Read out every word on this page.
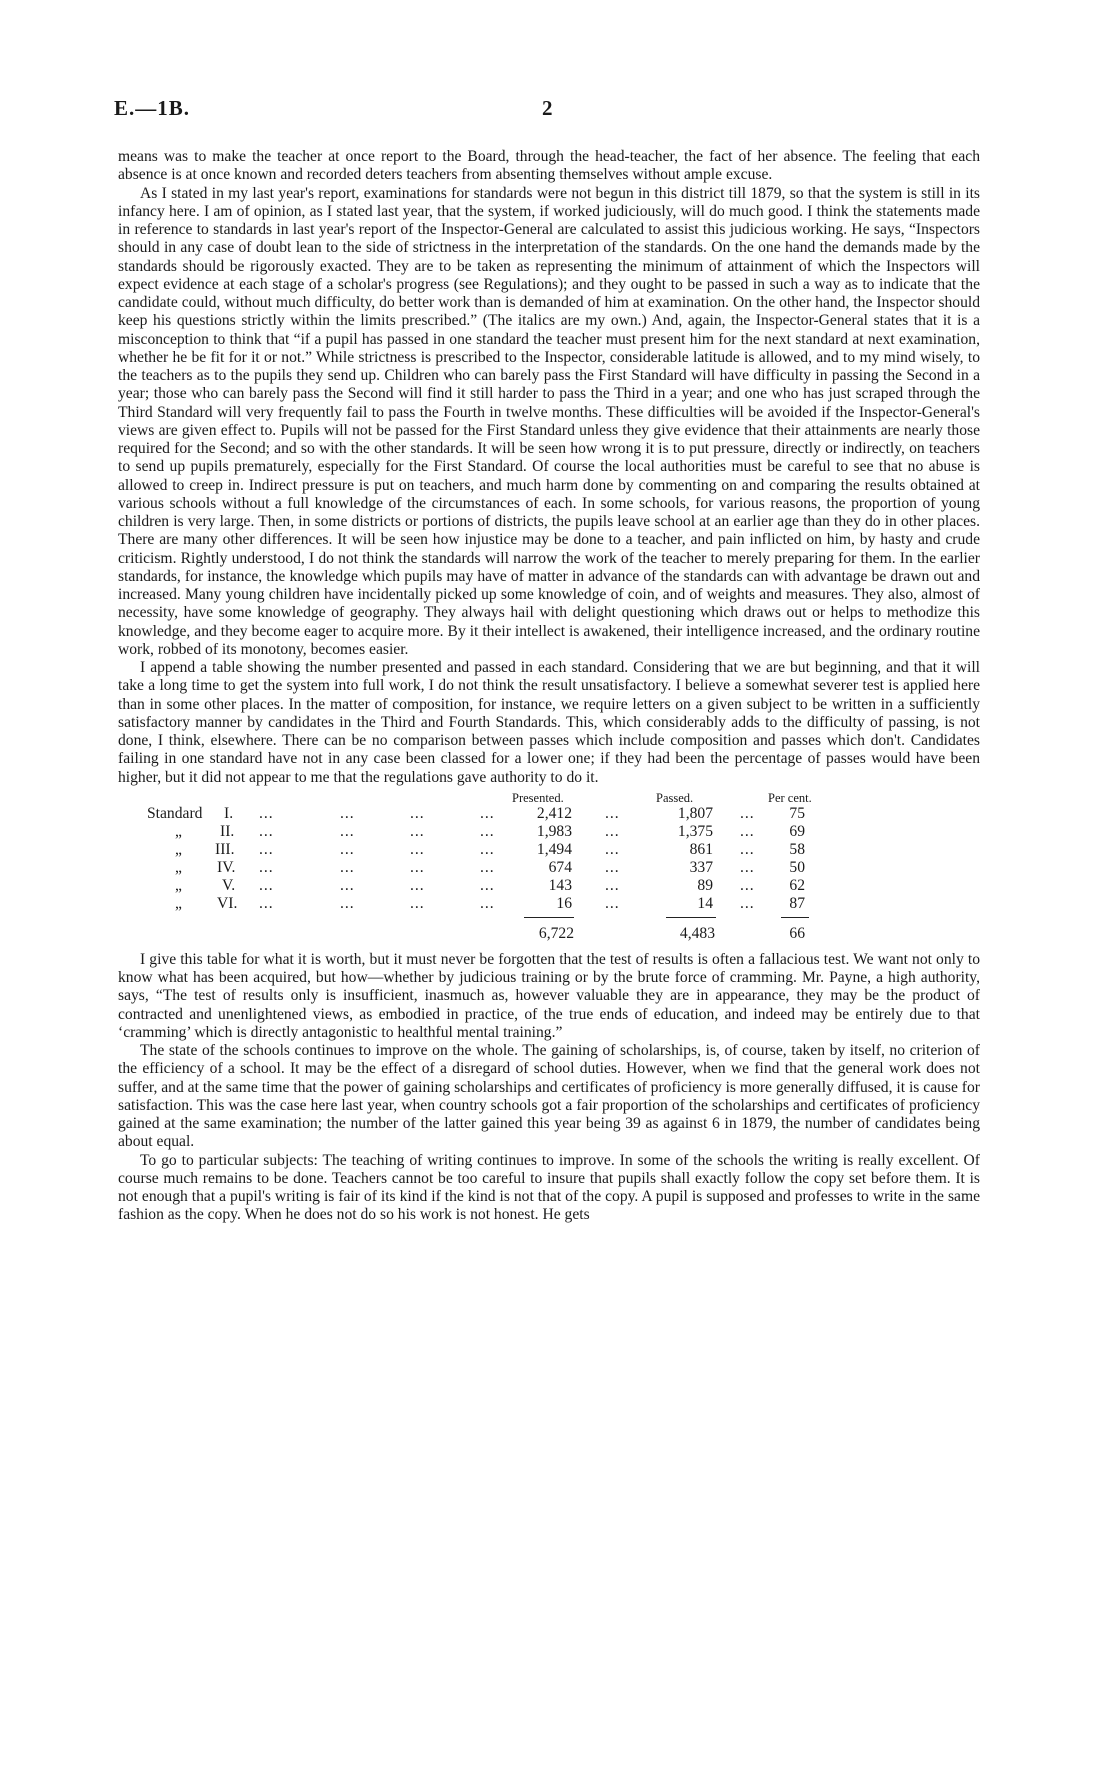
E.—1B.	2

means was to make the teacher at once report to the Board, through the head-teacher, the fact of her absence. The feeling that each absence is at once known and recorded deters teachers from absenting themselves without ample excuse.

As I stated in my last year's report, examinations for standards were not begun in this district till 1879, so that the system is still in its infancy here. I am of opinion, as I stated last year, that the system, if worked judiciously, will do much good. I think the statements made in reference to standards in last year's report of the Inspector-General are calculated to assist this judicious working. He says, “Inspectors should in any case of doubt lean to the side of strictness in the interpretation of the standards. On the one hand the demands made by the standards should be rigorously exacted. They are to be taken as representing the minimum of attainment of which the Inspectors will expect evidence at each stage of a scholar's progress (see Regulations); and they ought to be passed in such a way as to indicate that the candidate could, without much difficulty, do better work than is demanded of him at examination. On the other hand, the Inspector should keep his questions strictly within the limits prescribed.” (The italics are my own.) And, again, the Inspector-General states that it is a misconception to think that “if a pupil has passed in one standard the teacher must present him for the next standard at next examination, whether he be fit for it or not.” While strictness is prescribed to the Inspector, considerable latitude is allowed, and to my mind wisely, to the teachers as to the pupils they send up. Children who can barely pass the First Standard will have difficulty in passing the Second in a year; those who can barely pass the Second will find it still harder to pass the Third in a year; and one who has just scraped through the Third Standard will very frequently fail to pass the Fourth in twelve months. These difficulties will be avoided if the Inspector-General's views are given effect to. Pupils will not be passed for the First Standard unless they give evidence that their attainments are nearly those required for the Second; and so with the other standards. It will be seen how wrong it is to put pressure, directly or indirectly, on teachers to send up pupils prematurely, especially for the First Standard. Of course the local authorities must be careful to see that no abuse is allowed to creep in. Indirect pressure is put on teachers, and much harm done by commenting on and comparing the results obtained at various schools without a full knowledge of the circumstances of each. In some schools, for various reasons, the proportion of young children is very large. Then, in some districts or portions of districts, the pupils leave school at an earlier age than they do in other places. There are many other differences. It will be seen how injustice may be done to a teacher, and pain inflicted on him, by hasty and crude criticism. Rightly understood, I do not think the standards will narrow the work of the teacher to merely preparing for them. In the earlier standards, for instance, the knowledge which pupils may have of matter in advance of the standards can with advantage be drawn out and increased. Many young children have incidentally picked up some knowledge of coin, and of weights and measures. They also, almost of necessity, have some knowledge of geography. They always hail with delight questioning which draws out or helps to methodize this knowledge, and they become eager to acquire more. By it their intellect is awakened, their intelligence increased, and the ordinary routine work, robbed of its monotony, becomes easier.

I append a table showing the number presented and passed in each standard. Considering that we are but beginning, and that it will take a long time to get the system into full work, I do not think the result unsatisfactory. I believe a somewhat severer test is applied here than in some other places. In the matter of composition, for instance, we require letters on a given subject to be written in a sufficiently satisfactory manner by candidates in the Third and Fourth Standards. This, which considerably adds to the difficulty of passing, is not done, I think, elsewhere. There can be no comparison between passes which include composition and passes which don't. Candidates failing in one standard have not in any case been classed for a lower one; if they had been the percentage of passes would have been higher, but it did not appear to me that the regulations gave authority to do it.

Presented.	Passed.	Per cent.
Standard I. ...	...	...	...	2,412 ...	1,807 ...	75
„ II. ...	...	...	...	1,983 ...	1,375 ...	69
„ III. ...	...	...	...	1,494 ...	861 ...	58
„ IV. ...	...	...	...	674 ...	337 ...	50
„	V. ...	...	...	...	143 ...	89 ...	62
„ VI. ...	...	...	...	16 ...	14 ...	87
6,722	4,483	66

I give this table for what it is worth, but it must never be forgotten that the test of results is often a fallacious test. We want not only to know what has been acquired, but how—whether by judicious training or by the brute force of cramming. Mr. Payne, a high authority, says, “The test of results only is insufficient, inasmuch as, however valuable they are in appearance, they may be the product of contracted and unenlightened views, as embodied in practice, of the true ends of education, and indeed may be entirely due to that ‘cramming’ which is directly antagonistic to healthful mental training.”

The state of the schools continues to improve on the whole. The gaining of scholarships, is, of course, taken by itself, no criterion of the efficiency of a school. It may be the effect of a disregard of school duties. However, when we find that the general work does not suffer, and at the same time that the power of gaining scholarships and certificates of proficiency is more generally diffused, it is cause for satisfaction. This was the case here last year, when country schools got a fair proportion of the scholarships and certificates of proficiency gained at the same examination; the number of the latter gained this year being 39 as against 6 in 1879, the number of candidates being about equal.

To go to particular subjects: The teaching of writing continues to improve. In some of the schools the writing is really excellent. Of course much remains to be done. Teachers cannot be too careful to insure that pupils shall exactly follow the copy set before them. It is not enough that a pupil's writing is fair of its kind if the kind is not that of the copy. A pupil is supposed and professes to write in the same fashion as the copy. When he does not do so his work is not honest. He gets
